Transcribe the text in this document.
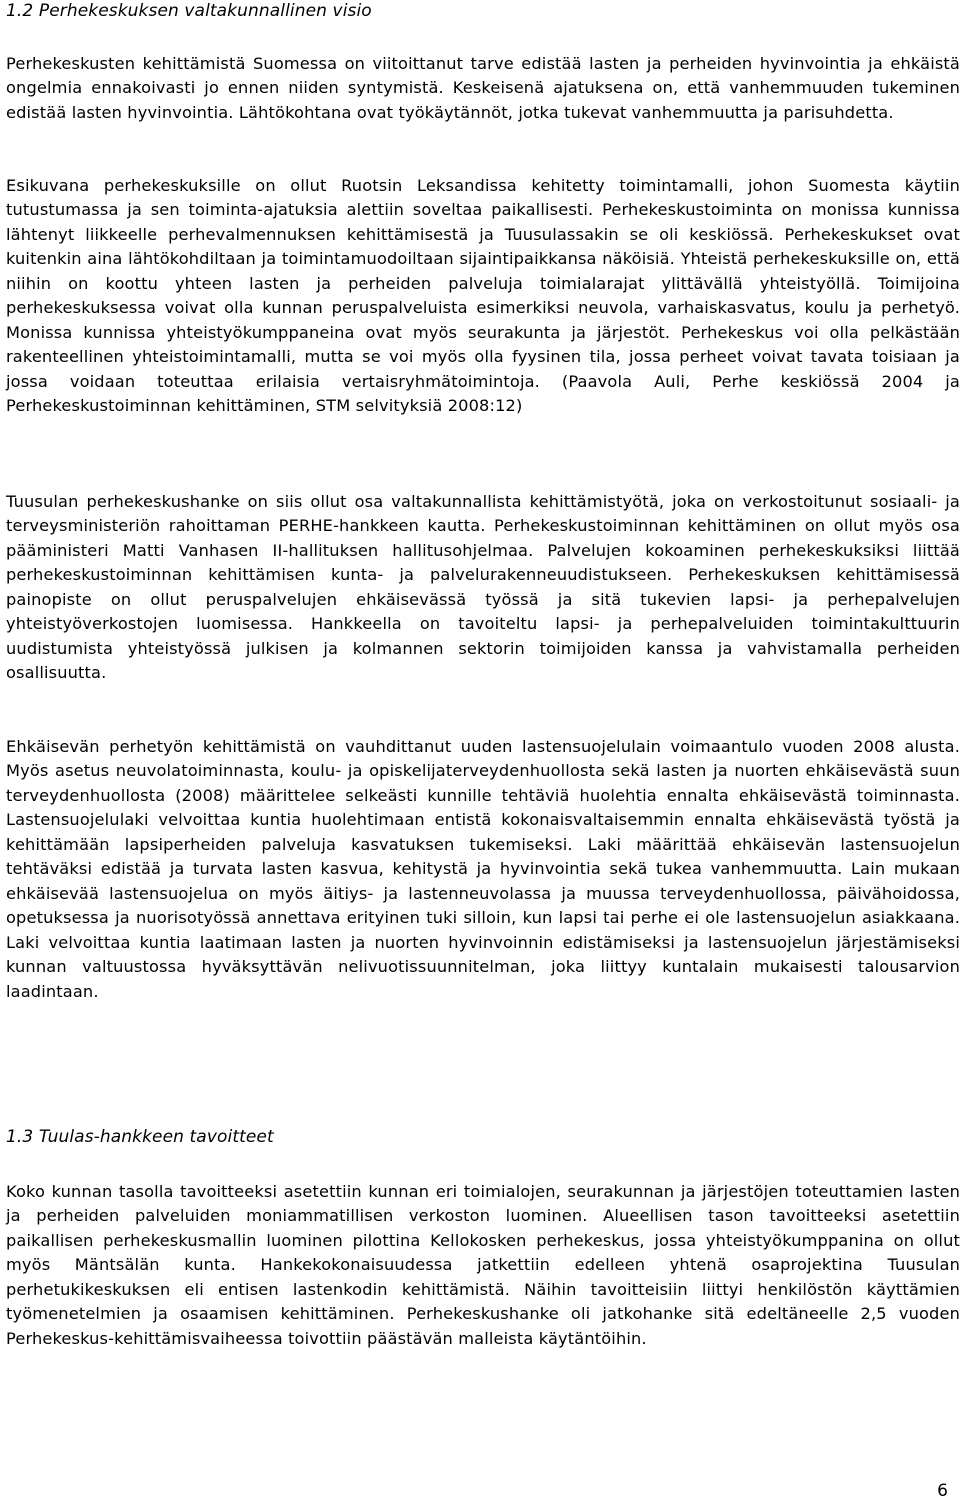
1.2 Perhekeskuksen valtakunnallinen visio

Perhekeskusten kehittämistä Suomessa on viitoittanut tarve edistää lasten ja perheiden hyvinvointia ja ehkäistä ongelmia ennakoivasti jo ennen niiden syntymistä. Keskeisenä ajatuksena on, että vanhemmuuden tukeminen edistää lasten hyvinvointia. Lähtökohtana ovat työkäytännöt, jotka tukevat vanhemmuutta ja parisuhdetta.

Esikuvana perhekeskuksille on ollut Ruotsin Leksandissa kehitetty toimintamalli, johon Suomesta käytiin tutustumassa ja sen toiminta-ajatuksia alettiin soveltaa paikallisesti. Perhekeskustoiminta on monissa kunnissa lähtenyt liikkeelle perhevalmennuksen kehittämisestä ja Tuusulassakin se oli keskiössä. Perhekeskukset ovat kuitenkin aina lähtökohdiltaan ja toimintamuodoiltaan sijaintipaikkansa näköisiä. Yhteistä perhekeskuksille on, että niihin on koottu yhteen lasten ja perheiden palveluja toimialarajat ylittävällä yhteistyöllä. Toimijoina perhekeskuksessa voivat olla kunnan peruspalveluista esimerkiksi neuvola, varhaiskasvatus, koulu ja perhetyö. Monissa kunnissa yhteistyökumppaneina ovat myös seurakunta ja järjestöt. Perhekeskus voi olla pelkästään rakenteellinen yhteistoimintamalli, mutta se voi myös olla fyysinen tila, jossa perheet voivat tavata toisiaan ja jossa voidaan toteuttaa erilaisia vertaisryhmätoimintoja. (Paavola Auli, Perhe keskiössä 2004 ja Perhekeskustoiminnan kehittäminen, STM selvityksiä 2008:12)

Tuusulan perhekeskushanke on siis ollut osa valtakunnallista kehittämistyötä, joka on verkostoitunut sosiaali- ja terveysministeriön rahoittaman PERHE-hankkeen kautta. Perhekeskustoiminnan kehittäminen on ollut myös osa pääministeri Matti Vanhasen II-hallituksen hallitusohjelmaa. Palvelujen kokoaminen perhekeskuksiksi liittää perhekeskustoiminnan kehittämisen kunta- ja palvelurakenneuudistukseen. Perhekeskuksen kehittämisessä painopiste on ollut peruspalvelujen ehkäisevässä työssä ja sitä tukevien lapsi- ja perhepalvelujen yhteistyöverkostojen luomisessa. Hankkeella on tavoiteltu lapsi- ja perhepalveluiden toimintakulttuurin uudistumista yhteistyössä julkisen ja kolmannen sektorin toimijoiden kanssa ja vahvistamalla perheiden osallisuutta.

Ehkäisevän perhetyön kehittämistä on vauhdittanut uuden lastensuojelulain voimaantulo vuoden 2008 alusta. Myös asetus neuvolatoiminnasta, koulu- ja opiskelijaterveydenhuollosta sekä lasten ja nuorten ehkäisevästä suun terveydenhuollosta (2008) määrittelee selkeästi kunnille tehtäviä huolehtia ennalta ehkäisevästä toiminnasta. Lastensuojelulaki velvoittaa kuntia huolehtimaan entistä kokonaisvaltaisemmin ennalta ehkäisevästä työstä ja kehittämään lapsiperheiden palveluja kasvatuksen tukemiseksi. Laki määrittää ehkäisevän lastensuojelun tehtäväksi edistää ja turvata lasten kasvua, kehitystä ja hyvinvointia sekä tukea vanhemmuutta. Lain mukaan ehkäisevää lastensuojelua on myös äitiys- ja lastenneuvolassa ja muussa terveydenhuollossa, päivähoidossa, opetuksessa ja nuorisotyössä annettava erityinen tuki silloin, kun lapsi tai perhe ei ole lastensuojelun asiakkaana. Laki velvoittaa kuntia laatimaan lasten ja nuorten hyvinvoinnin edistämiseksi ja lastensuojelun järjestämiseksi kunnan valtuustossa hyväksyttävän nelivuotissuunnitelman, joka liittyy kuntalain mukaisesti talousarvion laadintaan.

1.3 Tuulas-hankkeen tavoitteet

Koko kunnan tasolla tavoitteeksi asetettiin kunnan eri toimialojen, seurakunnan ja järjestöjen toteuttamien lasten ja perheiden palveluiden moniammatillisen verkoston luominen. Alueellisen tason tavoitteeksi asetettiin paikallisen perhekeskusmallin luominen pilottina Kellokosken perhekeskus, jossa yhteistyökumppanina on ollut myös Mäntsälän kunta. Hankekokonaisuudessa jatkettiin edelleen yhtenä osaprojektina Tuusulan perhetukikeskuksen eli entisen lastenkodin kehittämistä. Näihin tavoitteisiin liittyi henkilöstön käyttämien työmenetelmien ja osaamisen kehittäminen. Perhekeskushanke oli jatkohanke sitä edeltäneelle 2,5 vuoden Perhekeskus-kehittämisvaiheessa toivottiin päästävän malleista käytäntöihin.

6
